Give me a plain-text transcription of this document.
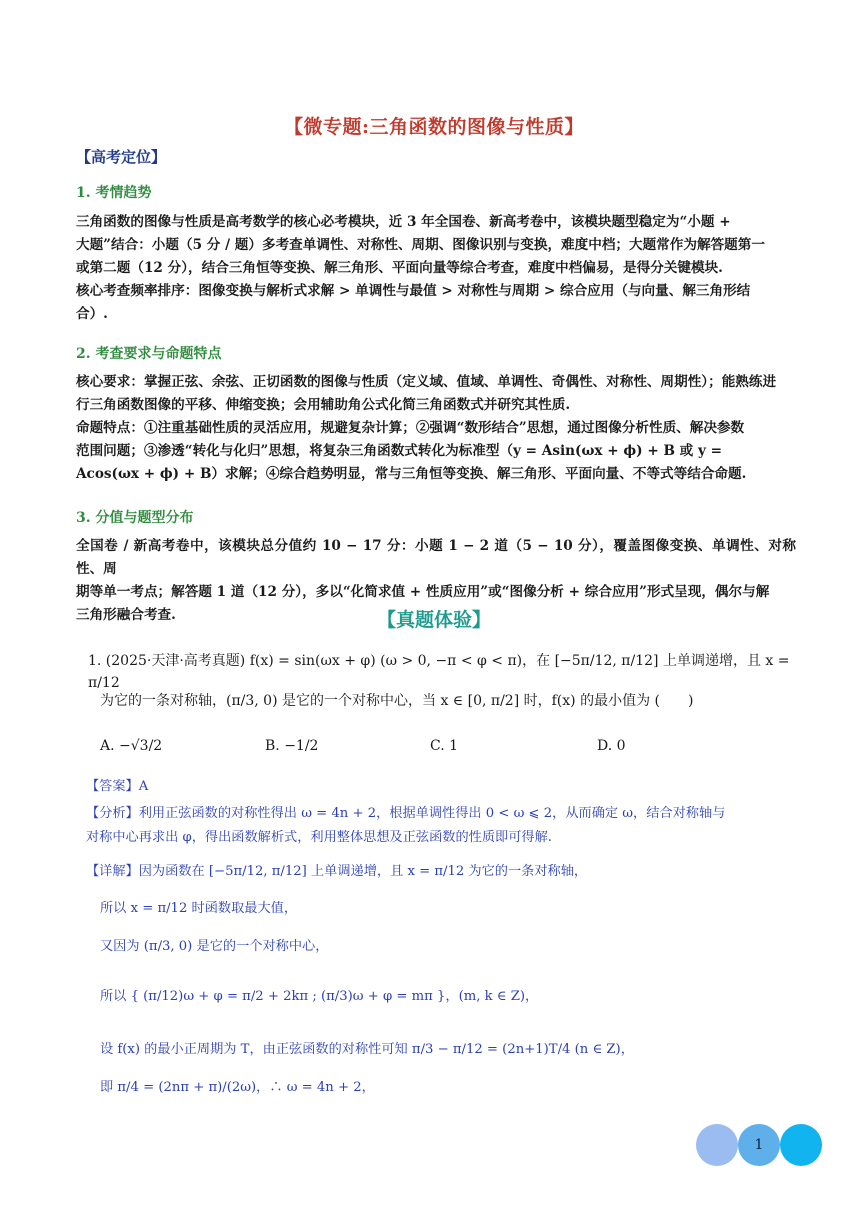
【微专题:三角函数的图像与性质】
【高考定位】
1. 考情趋势
三角函数的图像与性质是高考数学的核心必考模块，近 3 年全国卷、新高考卷中，该模块题型稳定为“小题 +
大题”结合：小题（5 分 / 题）多考查单调性、对称性、周期、图像识别与变换，难度中档；大题常作为解答题第一
或第二题（12 分），结合三角恒等变换、解三角形、平面向量等综合考查，难度中档偏易，是得分关键模块.
核心考查频率排序：图像变换与解析式求解 > 单调性与最值 > 对称性与周期 > 综合应用（与向量、解三角形结
合）.
2. 考查要求与命题特点
核心要求：掌握正弦、余弦、正切函数的图像与性质（定义域、值域、单调性、奇偶性、对称性、周期性）；能熟练进
行三角函数图像的平移、伸缩变换；会用辅助角公式化简三角函数式并研究其性质.
命题特点：①注重基础性质的灵活应用，规避复杂计算；②强调“数形结合”思想，通过图像分析性质、解决参数
范围问题；③渗透“转化与化归”思想，将复杂三角函数式转化为标准型（y = Asin(ωx + ϕ) + B 或 y =
Acos(ωx + ϕ) + B）求解；④综合趋势明显，常与三角恒等变换、解三角形、平面向量、不等式等结合命题.
3. 分值与题型分布
全国卷 / 新高考卷中，该模块总分值约 10 − 17 分：小题 1 − 2 道（5 − 10 分），覆盖图像变换、单调性、对称性、周
期等单一考点；解答题 1 道（12 分），多以“化简求值 + 性质应用”或“图像分析 + 综合应用”形式呈现，偶尔与解
三角形融合考查.	【真题体验】
1. (2025·天津·高考真题) f(x) = sin(ωx + φ) (ω > 0, −π < φ < π)，在 [−5π/12, π/12] 上单调递增，且 x = π/12
为它的一条对称轴，(π/3, 0) 是它的一个对称中心，当 x ∈ [0, π/2] 时，f(x) 的最小值为 (　　)
A. −√3/2	B. −1/2	C. 1	D. 0
【答案】A
【分析】利用正弦函数的对称性得出 ω = 4n + 2，根据单调性得出 0 < ω ⩽ 2，从而确定 ω，结合对称轴与
对称中心再求出 φ，得出函数解析式，利用整体思想及正弦函数的性质即可得解.
【详解】因为函数在 [−5π/12, π/12] 上单调递增，且 x = π/12 为它的一条对称轴，
所以 x = π/12 时函数取最大值，
又因为 (π/3, 0) 是它的一个对称中心，
所以 { (π/12)ω + φ = π/2 + 2kπ ; (π/3)ω + φ = mπ }，(m, k ∈ Z)，
设 f(x) 的最小正周期为 T，由正弦函数的对称性可知 π/3 − π/12 = (2n+1)T/4 (n ∈ Z)，
即 π/4 = (2nπ + π)/(2ω)，∴ ω = 4n + 2，
1
